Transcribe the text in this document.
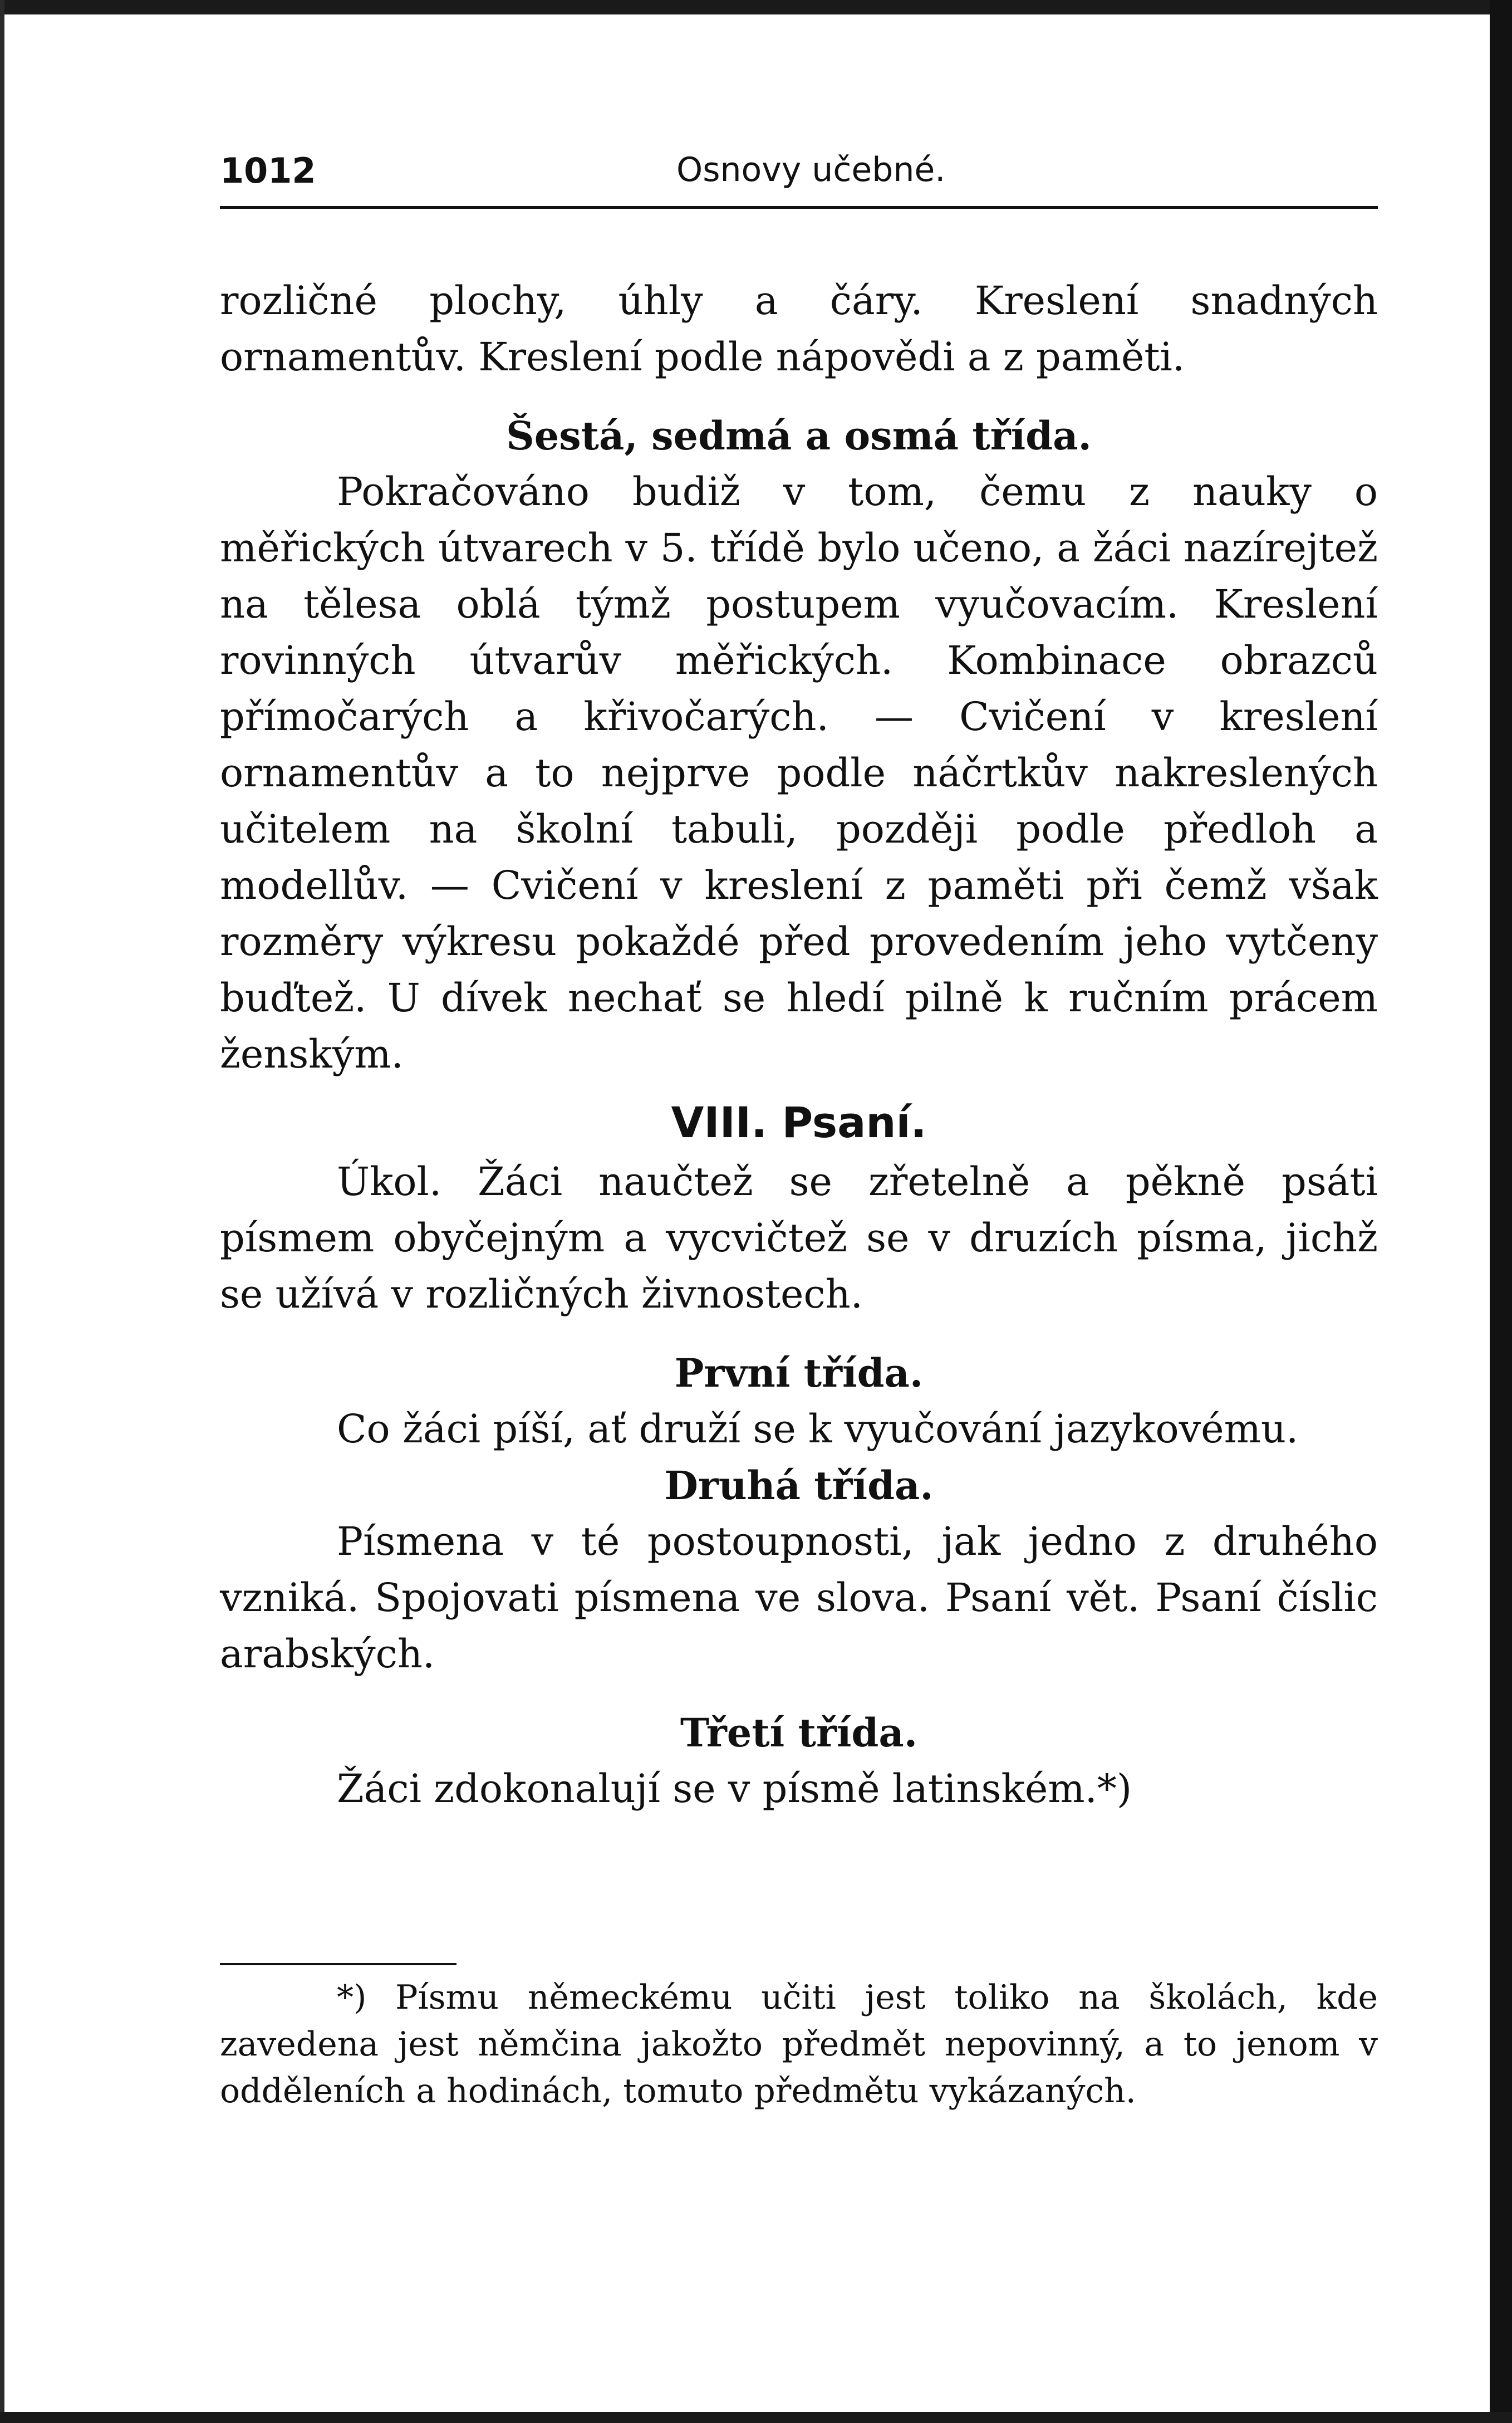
1012	Osnovy učebné.

rozličné plochy, úhly a čáry. Kreslení snadných ornamentův. Kreslení podle nápovědi a z paměti.

Šestá, sedmá a osmá třída.

Pokračováno budiž v tom, čemu z nauky o měřických útvarech v 5. třídě bylo učeno, a žáci nazírejtež na tělesa oblá týmž postupem vyučovacím. Kreslení rovinných útvarův měřických. Kombinace obrazců přímočarých a křivočarých. — Cvičení v kreslení ornamentův a to nejprve podle náčrtkův nakreslených učitelem na školní tabuli, později podle předloh a modellův. — Cvičení v kreslení z paměti při čemž však rozměry výkresu pokaždé před provedením jeho vytčeny buďtež. U dívek nechať se hledí pilně k ručním prácem ženským.

VIII. Psaní.

Úkol. Žáci naučtež se zřetelně a pěkně psáti písmem obyčejným a vycvičtež se v druzích písma, jichž se užívá v rozličných živnostech.

První třída.

Co žáci píší, ať druží se k vyučování jazykovému.

Druhá třída.

Písmena v té postoupnosti, jak jedno z druhého vzniká. Spojovati písmena ve slova. Psaní vět. Psaní číslic arabských.

Třetí třída.

Žáci zdokonalují se v písmě latinském.*)

*) Písmu německému učiti jest toliko na školách, kde zavedena jest němčina jakožto předmět nepovinný, a to jenom v odděleních a hodinách, tomuto předmětu vykázaných.
